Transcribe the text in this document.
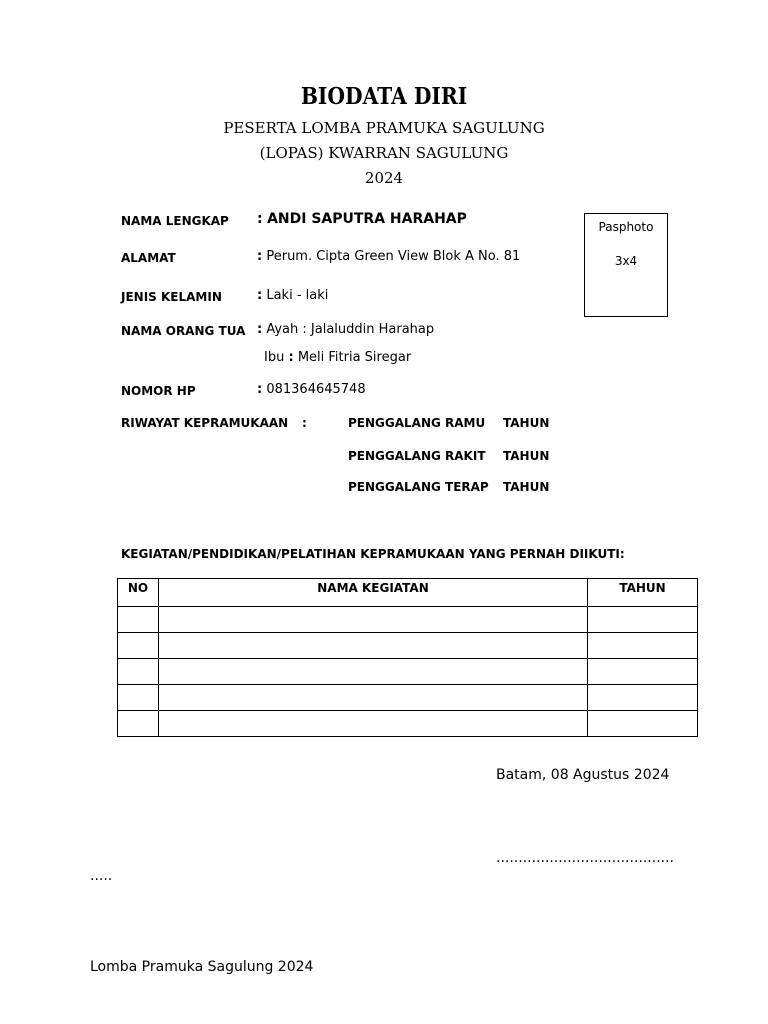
BIODATA DIRI
PESERTA LOMBA PRAMUKA SAGULUNG
(LOPAS) KWARRAN SAGULUNG
2024
NAMA LENGKAP : ANDI SAPUTRA HARAHAP
ALAMAT	: Perum. Cipta Green View Blok A No. 81
JENIS KELAMIN	: Laki - laki
NAMA ORANG TUA : Ayah : Jalaluddin Harahap
Ibu : Meli Fitria Siregar
NOMOR HP	: 081364645748
RIWAYAT KEPRAMUKAAN :	PENGGALANG RAMU TAHUN
PENGGALANG RAKIT TAHUN
PENGGALANG TERAP TAHUN
Pasphoto
3x4
KEGIATAN/PENDIDIKAN/PELATIHAN KEPRAMUKAAN YANG PERNAH DIIKUTI:
NO	NAMA KEGIATAN	TAHUN

Batam, 08 Agustus 2024
........................................
.....
Lomba Pramuka Sagulung 2024
